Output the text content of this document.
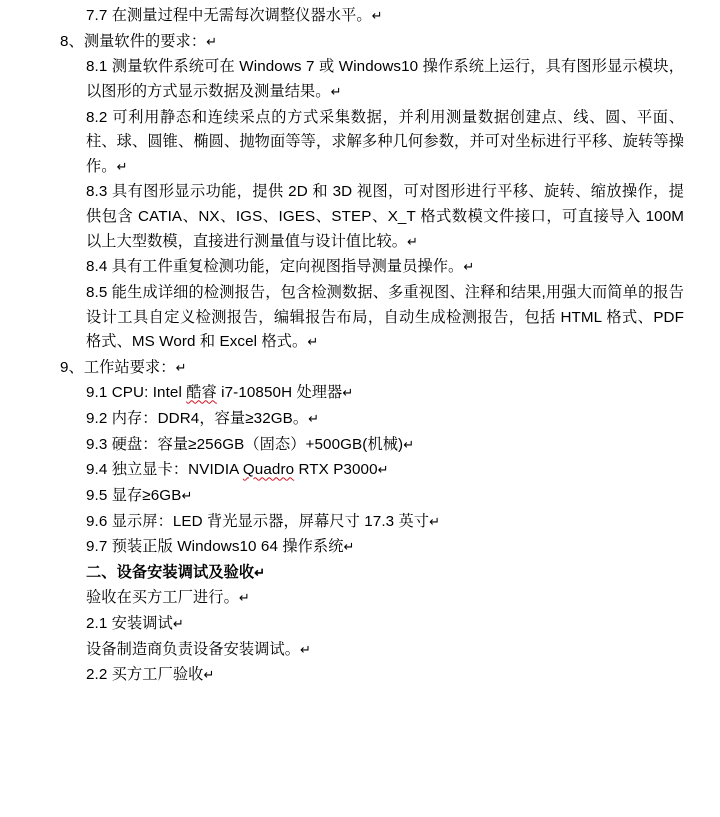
7.7 在测量过程中无需每次调整仪器水平。↵
8、测量软件的要求：↵
8.1 测量软件系统可在 Windows 7 或 Windows10 操作系统上运行，具有图形显示模块，以图形的方式显示数据及测量结果。↵
8.2 可利用静态和连续采点的方式采集数据，并利用测量数据创建点、线、圆、平面、柱、球、圆锥、椭圆、抛物面等等，求解多种几何参数，并可对坐标进行平移、旋转等操作。↵
8.3 具有图形显示功能，提供 2D 和 3D 视图，可对图形进行平移、旋转、缩放操作，提供包含 CATIA、NX、IGS、IGES、STEP、X_T 格式数模文件接口，可直接导入 100M 以上大型数模，直接进行测量值与设计值比较。↵
8.4 具有工件重复检测功能，定向视图指导测量员操作。↵
8.5 能生成详细的检测报告，包含检测数据、多重视图、注释和结果,用强大而简单的报告设计工具自定义检测报告，编辑报告布局，自动生成检测报告，包括 HTML 格式、PDF 格式、MS Word 和 Excel 格式。↵
9、工作站要求：↵
9.1 CPU: Intel 酷睿 i7-10850H 处理器↵
9.2 内存：DDR4，容量≥32GB。↵
9.3 硬盘：容量≥256GB（固态）+500GB(机械)↵
9.4 独立显卡：NVIDIA Quadro RTX P3000↵
9.5 显存≥6GB↵
9.6 显示屏：LED 背光显示器，屏幕尺寸 17.3 英寸↵
9.7 预装正版 Windows10 64 操作系统↵
二、设备安装调试及验收↵
验收在买方工厂进行。↵
2.1 安装调试↵
设备制造商负责设备安装调试。↵
2.2 买方工厂验收↵
